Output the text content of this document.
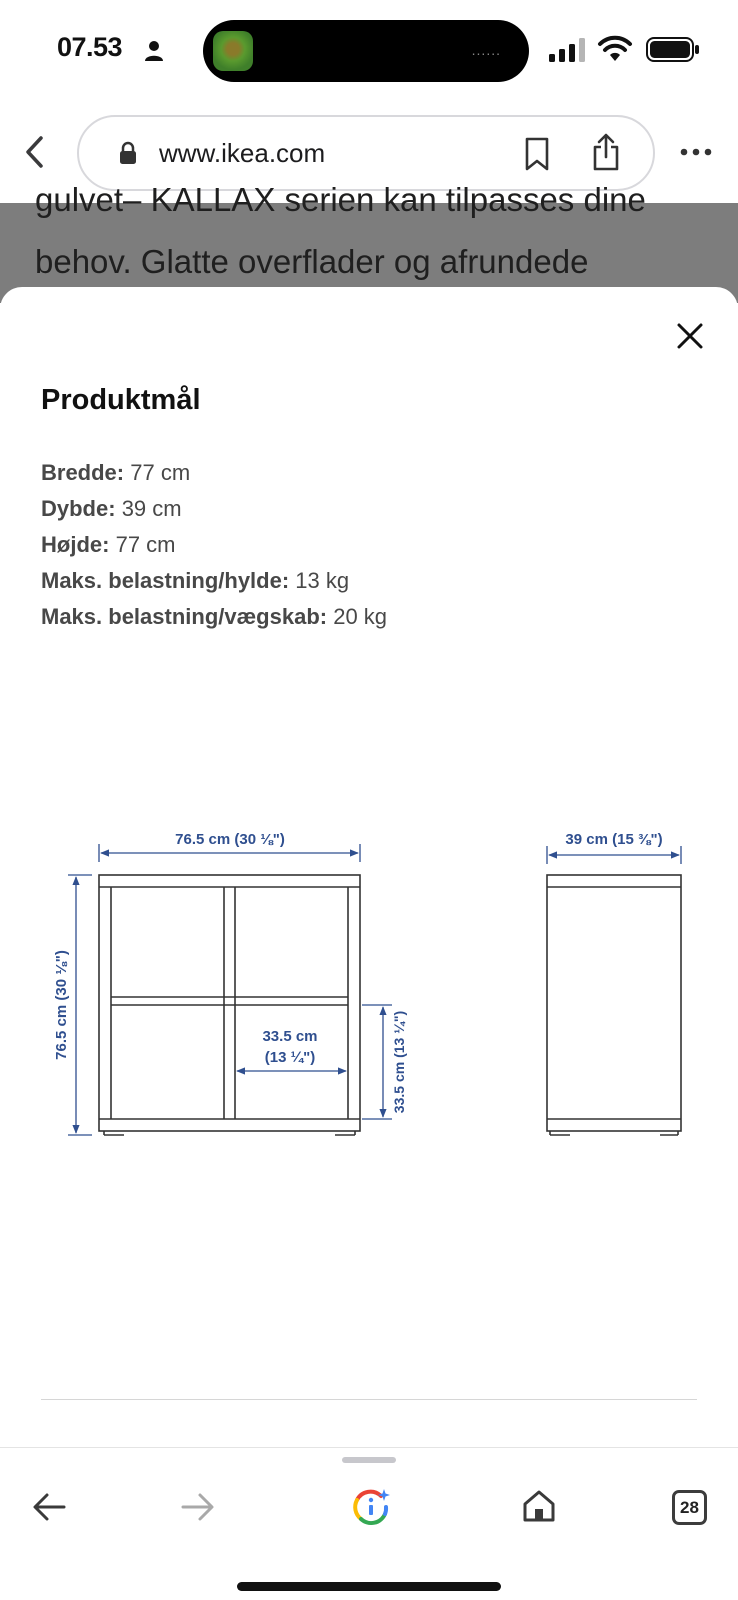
07.53	......
www.ikea.com

gulvet– KALLAX serien kan tilpasses dine

behov. Glatte overflader og afrundede

Produktmål
Bredde: 77 cm
Dybde: 39 cm
Højde: 77 cm
Maks. belastning/hylde: 13 kg
Maks. belastning/vægskab: 20 kg
76.5 cm (30 ⅛")
76.5 cm (30 ⅛")	33.5 cm
(13 ¼")	33.5 cm (13 ¼")
39 cm (15 ⅜")
28
